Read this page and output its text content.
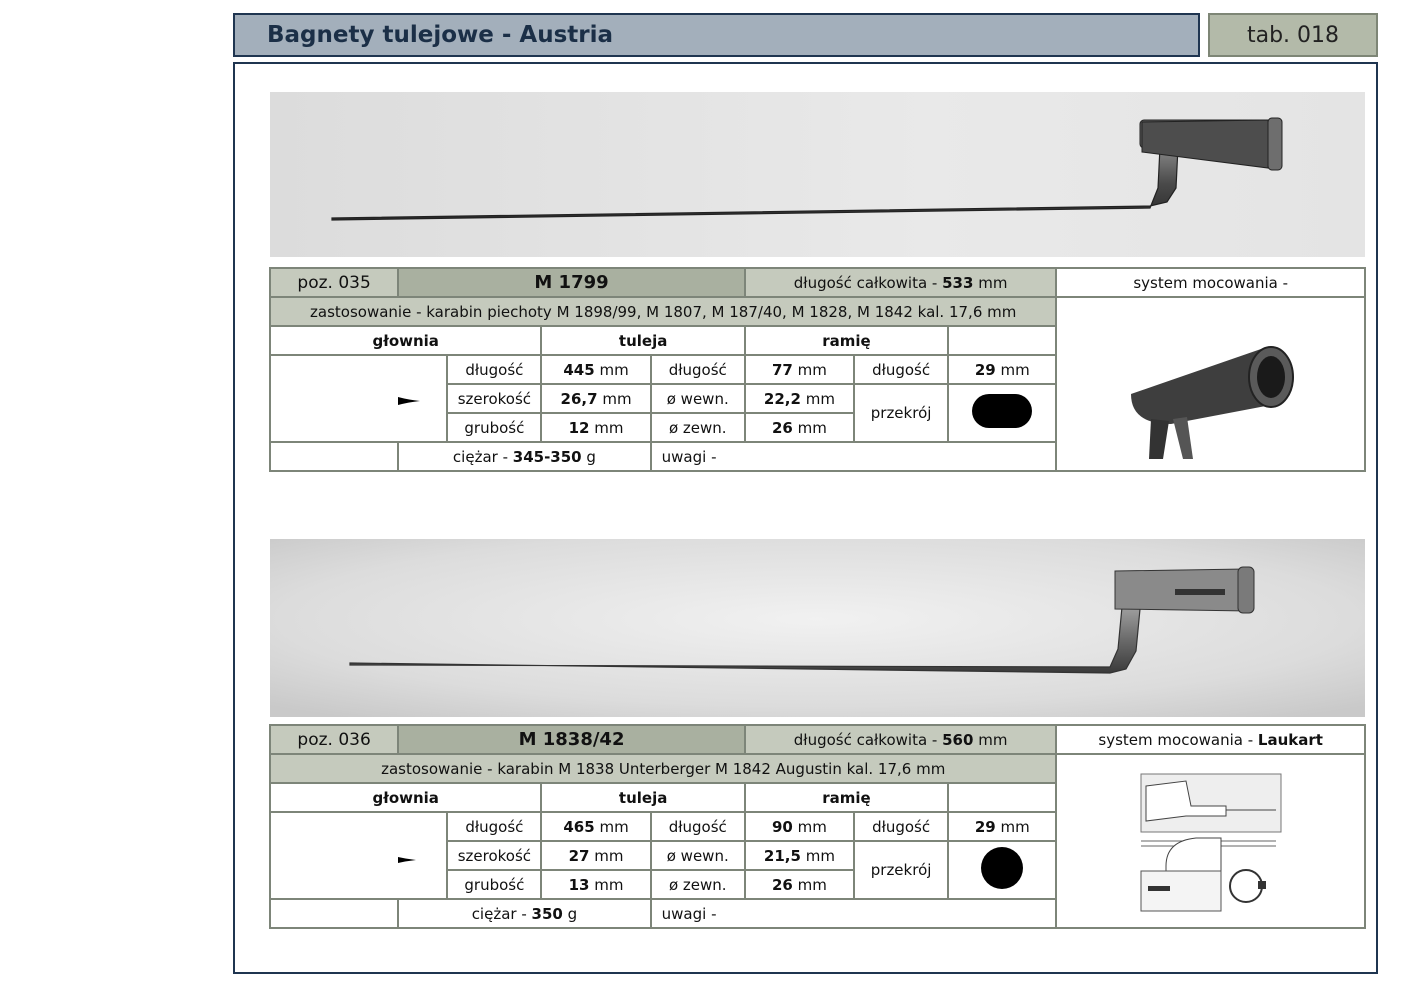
Bagnety tulejowe - Austria	tab. 018
poz. 035	M 1799				długość całkowita - 533 mm			system mocowania -
zastosowanie - karabin piechoty M 1898/99, M 1807, M 187/40, M 1828, M 1842 kal. 17,6 mm	

głownia			tuleja		ramię			

	długość	445 mm	długość	77 mm	długość	29 mm	
		szerokość	26,7 mm	ø wewn.	22,2 mm	przekrój	
		grubość	12 mm	ø zewn.	26 mm			
	ciężar - 345-350 g			uwagi -				
poz. 036	M 1838/42				długość całkowita - 560 mm			system mocowania - Laukart
zastosowanie - karabin M 1838 Unterberger M 1842 Augustin kal. 17,6 mm	

głownia			tuleja		ramię			

	długość	465 mm	długość	90 mm	długość	29 mm	
		szerokość	27 mm	ø wewn.	21,5 mm	przekrój	
		grubość	13 mm	ø zewn.	26 mm			
	ciężar - 350 g			uwagi -				
